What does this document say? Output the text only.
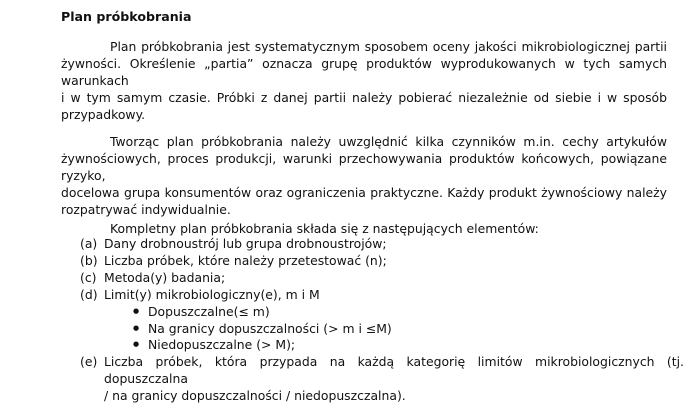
Plan próbkobrania
Plan próbkobrania jest systematycznym sposobem oceny jakości mikrobiologicznej partii
żywności. Określenie „partia” oznacza grupę produktów wyprodukowanych w tych samych warunkach
i w tym samym czasie. Próbki z danej partii należy pobierać niezależnie od siebie i w sposób
przypadkowy.
Tworząc plan próbkobrania należy uwzględnić kilka czynników m.in. cechy artykułów
żywnościowych, proces produkcji, warunki przechowywania produktów końcowych, powiązane ryzyko,
docelowa grupa konsumentów oraz ograniczenia praktyczne. Każdy produkt żywnościowy należy
rozpatrywać indywidualnie.
Kompletny plan próbkobrania składa się z następujących elementów:
(a) Dany drobnoustrój lub grupa drobnoustrojów;
(b) Liczba próbek, które należy przetestować (n);
(c) Metoda(y) badania;
(d) Limit(y) mikrobiologiczny(e), m i M
●
Dopuszczalne(≤ m)
●
Na granicy dopuszczalności (> m i ≤M)
●
Niedopuszczalne (> M);
(e) Liczba próbek, która przypada na każdą kategorię limitów mikrobiologicznych (tj. dopuszczalna
/ na granicy dopuszczalności / niedopuszczalna).
